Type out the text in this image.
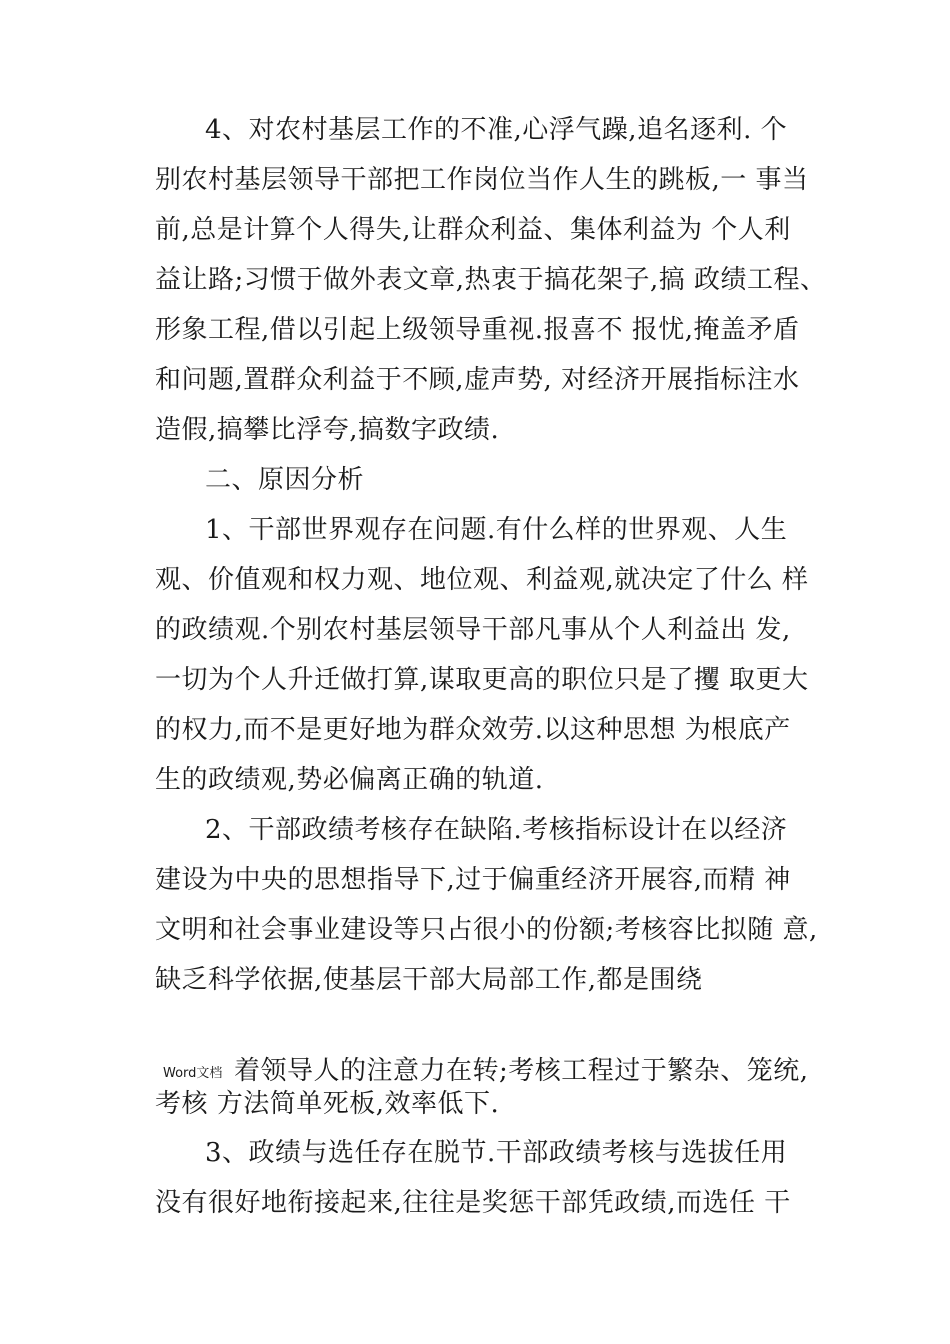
4、对农村基层工作的不准,心浮气躁,追名逐利. 个
别农村基层领导干部把工作岗位当作人生的跳板,一 事当
前,总是计算个人得失,让群众利益、集体利益为 个人利
益让路;习惯于做外表文章,热衷于搞花架子,搞 政绩工程、
形象工程,借以引起上级领导重视.报喜不 报忧,掩盖矛盾
和问题,置群众利益于不顾,虚声势, 对经济开展指标注水
造假,搞攀比浮夸,搞数字政绩.
二、原因分析
1、干部世界观存在问题.有什么样的世界观、人生
观、价值观和权力观、地位观、利益观,就决定了什么 样
的政绩观.个别农村基层领导干部凡事从个人利益出 发,
一切为个人升迁做打算,谋取更高的职位只是了攫 取更大
的权力,而不是更好地为群众效劳.以这种思想 为根底产
生的政绩观,势必偏离正确的轨道.
2、干部政绩考核存在缺陷.考核指标设计在以经济
建设为中央的思想指导下,过于偏重经济开展容,而精 神
文明和社会事业建设等只占很小的份额;考核容比拟随 意,
缺乏科学依据,使基层干部大局部工作,都是围绕
Word文档 着领导人的注意力在转;考核工程过于繁杂、笼统,
考核 方法简单死板,效率低下.
3、政绩与选任存在脱节.干部政绩考核与选拔任用
没有很好地衔接起来,往往是奖惩干部凭政绩,而选任 干
